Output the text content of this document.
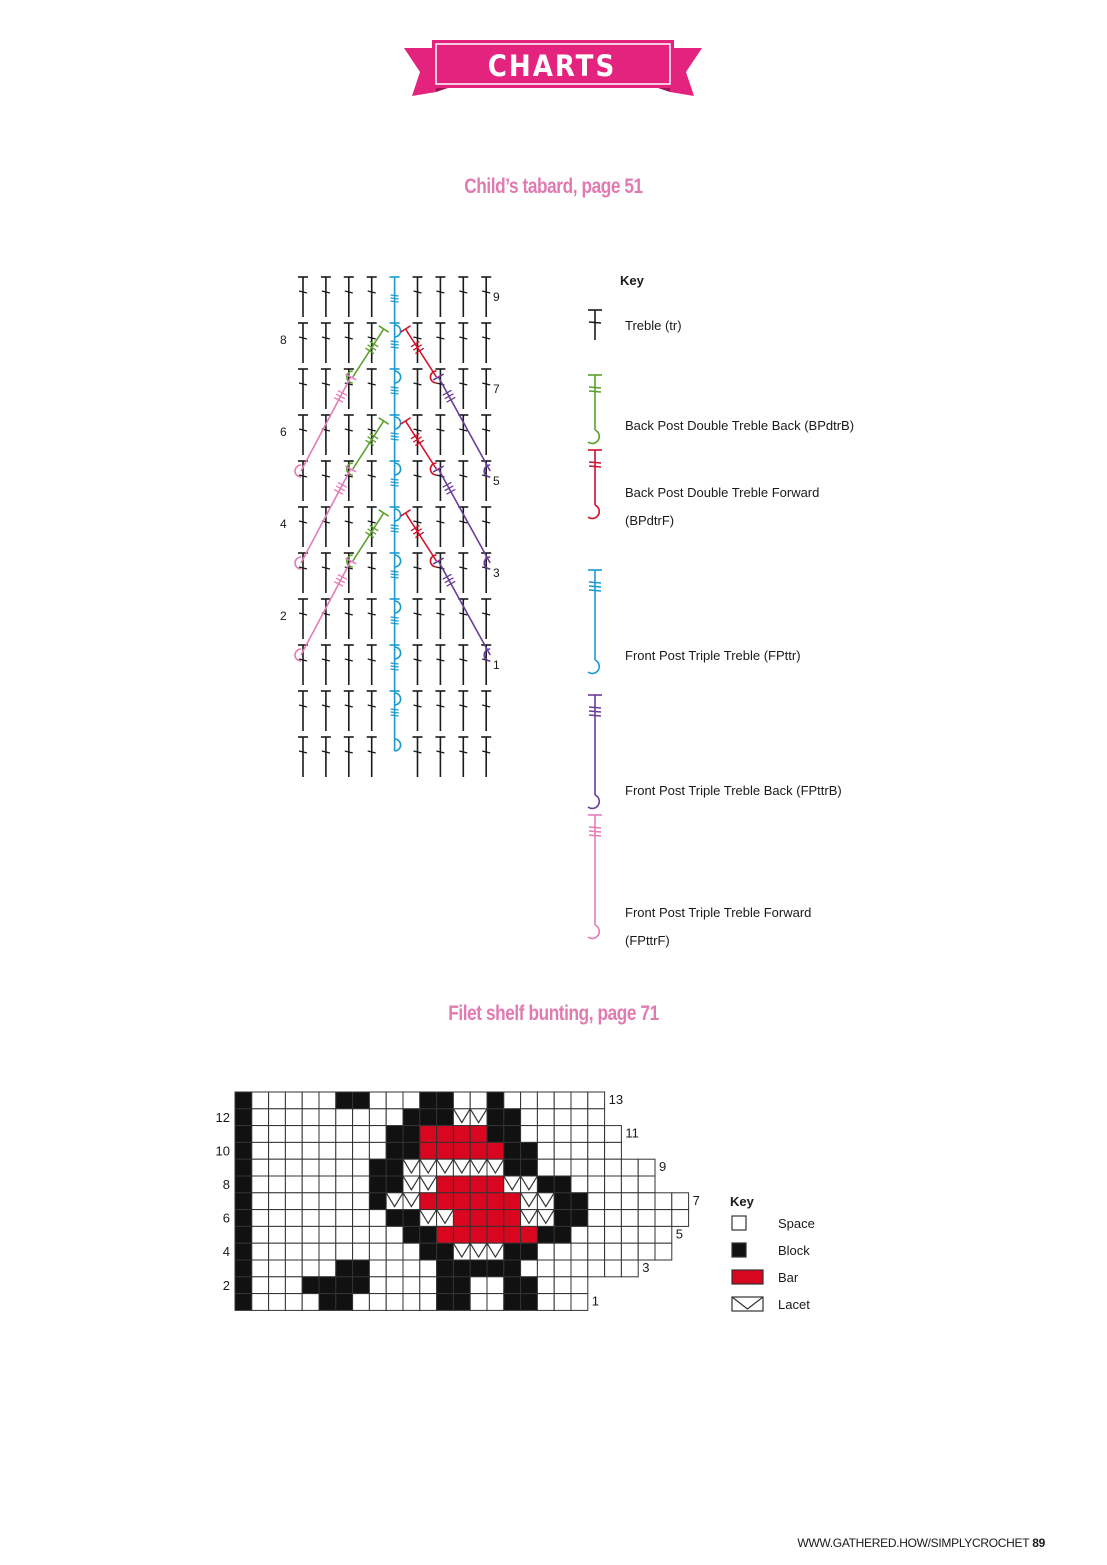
CHARTS
Child’s tabard, page 51
8
6
4
2
9
7
5
3
1
Key
Treble (tr)
Back Post Double Treble Back (BPdtrB)
Back Post Double Treble Forward
(BPdtrF)
Front Post Triple Treble (FPttr)
Front Post Triple Treble Back (FPttrB)
Front Post Triple Treble Forward
(FPttrF)
Filet shelf bunting, page 71
12
10
8
6
4
2
13
11
9
7
5
3
1
Key
Space
Block
Bar
Lacet
WWW.GATHERED.HOW/SIMPLYCROCHET 89
